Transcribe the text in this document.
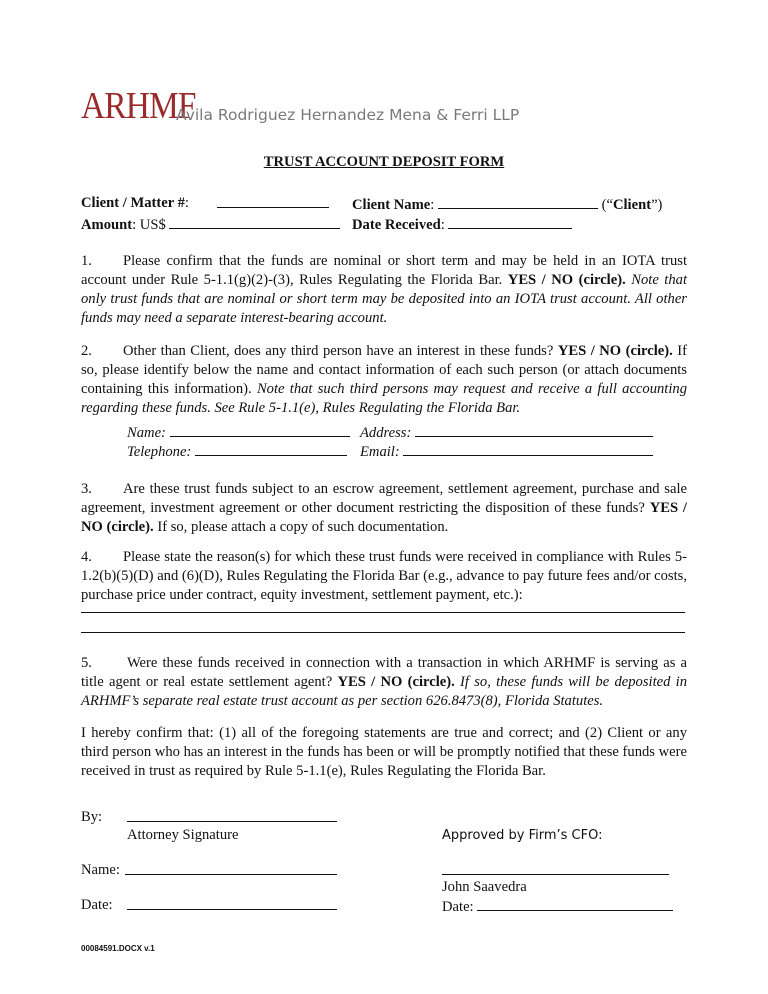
ARHMF
Avila Rodriguez Hernandez Mena & Ferri LLP
TRUST ACCOUNT DEPOSIT FORM
Client / Matter #:	Client Name:	(“Client”)
Amount: US$	Date Received:
1. Please confirm that the funds are nominal or short term and may be held in an IOTA trust account under Rule 5-1.1(g)(2)-(3), Rules Regulating the Florida Bar. YES / NO (circle). Note that only trust funds that are nominal or short term may be deposited into an IOTA trust account. All other funds may need a separate interest-bearing account.
2. Other than Client, does any third person have an interest in these funds? YES / NO (circle). If so, please identify below the name and contact information of each such person (or attach documents containing this information). Note that such third persons may request and receive a full accounting regarding these funds. See Rule 5-1.1(e), Rules Regulating the Florida Bar.
Name:	Address:
Telephone:	Email:
3. Are these trust funds subject to an escrow agreement, settlement agreement, purchase and sale agreement, investment agreement or other document restricting the disposition of these funds? YES / NO (circle). If so, please attach a copy of such documentation.
4. Please state the reason(s) for which these trust funds were received in compliance with Rules 5-1.2(b)(5)(D) and (6)(D), Rules Regulating the Florida Bar (e.g., advance to pay future fees and/or costs, purchase price under contract, equity investment, settlement payment, etc.):
5. Were these funds received in connection with a transaction in which ARHMF is serving as a title agent or real estate settlement agent? YES / NO (circle). If so, these funds will be deposited in ARHMF’s separate real estate trust account as per section 626.8473(8), Florida Statutes.
I hereby confirm that: (1) all of the foregoing statements are true and correct; and (2) Client or any third person who has an interest in the funds has been or will be promptly notified that these funds were received in trust as required by Rule 5-1.1(e), Rules Regulating the Florida Bar.
By:
Attorney Signature	Approved by Firm’s CFO:
Name:
John Saavedra
Date:	Date:
00084591.DOCX v.1
